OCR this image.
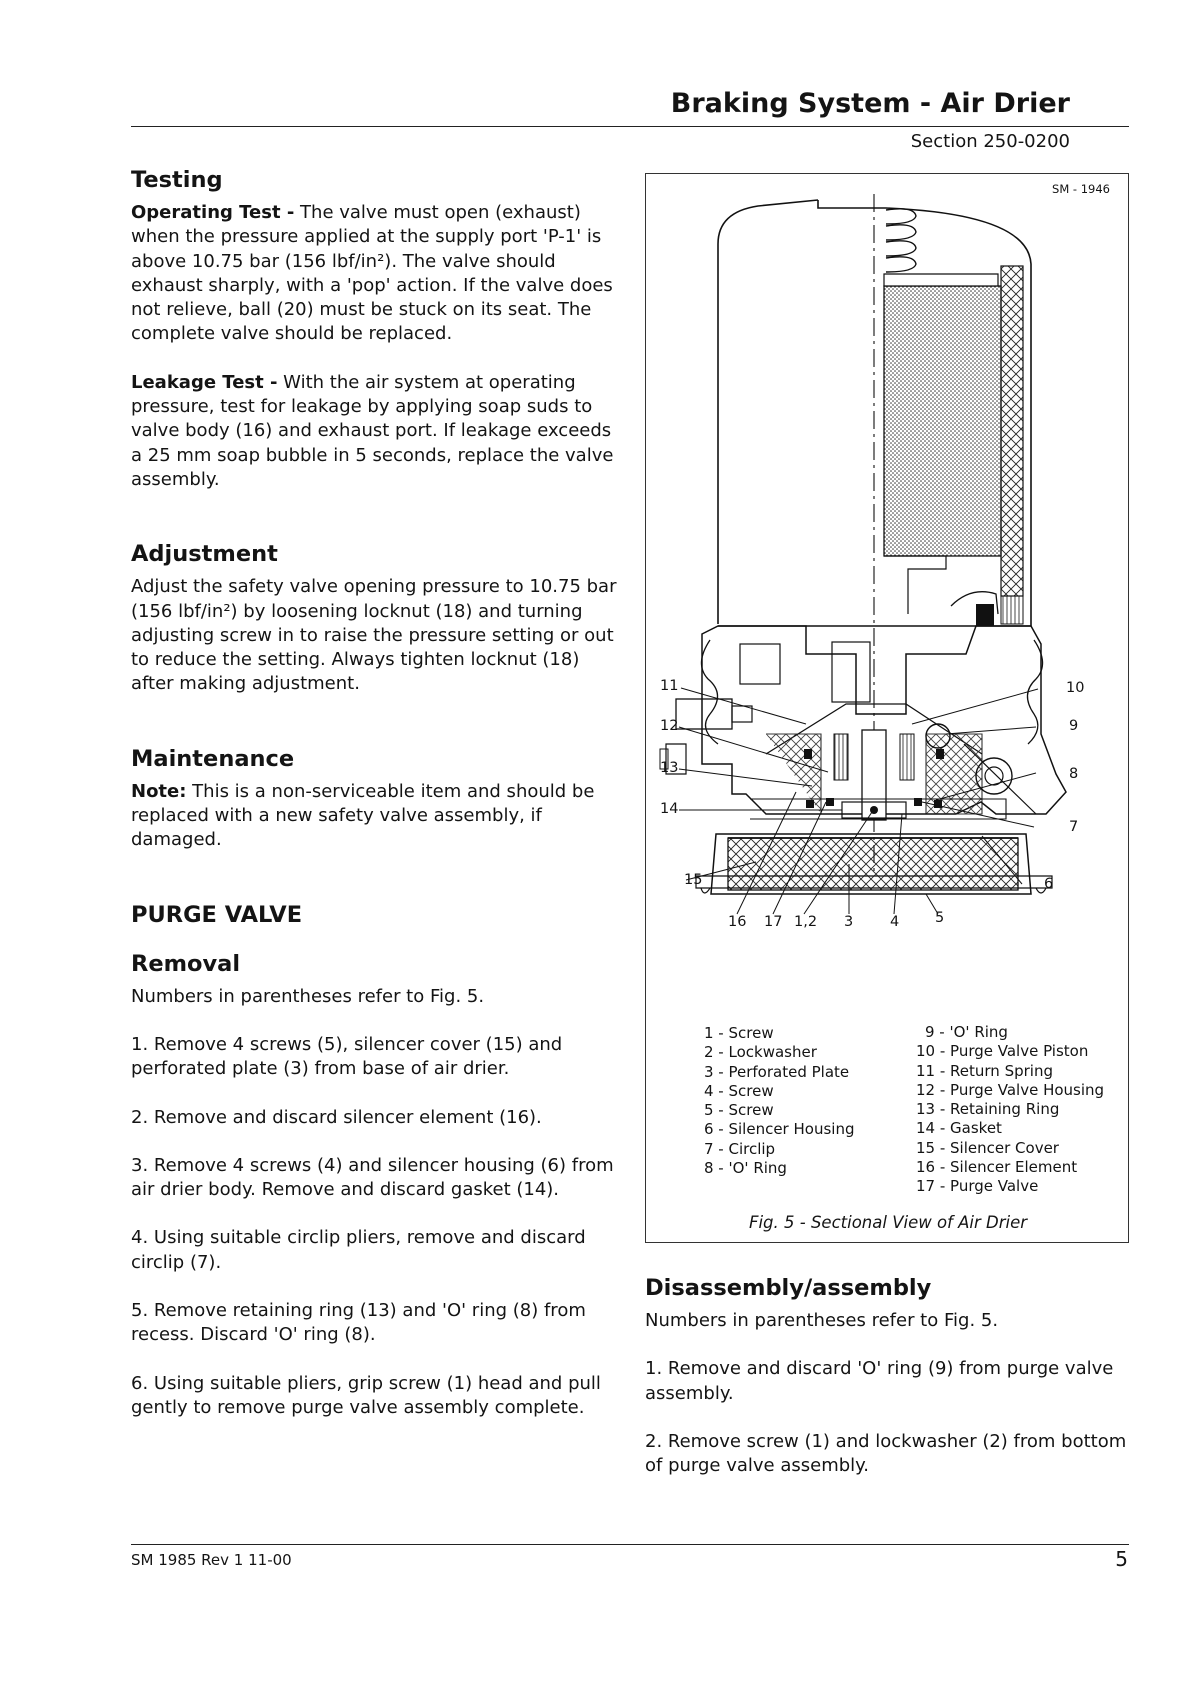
Braking System - Air Drier
Section 250-0200
Testing

Operating Test - The valve must open (exhaust) when the pressure applied at the supply port 'P-1' is above 10.75 bar (156 lbf/in²). The valve should exhaust sharply, with a 'pop' action. If the valve does not relieve, ball (20) must be stuck on its seat. The complete valve should be replaced.

Leakage Test - With the air system at operating pressure, test for leakage by applying soap suds to valve body (16) and exhaust port. If leakage exceeds a 25 mm soap bubble in 5 seconds, replace the valve assembly.

Adjustment

Adjust the safety valve opening pressure to 10.75 bar (156 lbf/in²) by loosening locknut (18) and turning adjusting screw in to raise the pressure setting or out to reduce the setting. Always tighten locknut (18) after making adjustment.

Maintenance

Note: This is a non-serviceable item and should be replaced with a new safety valve assembly, if damaged.

PURGE VALVE
Removal

Numbers in parentheses refer to Fig. 5.

1. Remove 4 screws (5), silencer cover (15) and perforated plate (3) from base of air drier.

2. Remove and discard silencer element (16).

3. Remove 4 screws (4) and silencer housing (6) from air drier body. Remove and discard gasket (14).

4. Using suitable circlip pliers, remove and discard circlip (7).

5. Remove retaining ring (13) and 'O' ring (8) from recess. Discard 'O' ring (8).

6. Using suitable pliers, grip screw (1) head and pull gently to remove purge valve assembly complete.

SM - 1946
11
12
13
14
15
16 17 1,2 3	4 5
6
7
8
9
10
1 - Screw
2 - Lockwasher
3 - Perforated Plate
4 - Screw
5 - Screw
6 - Silencer Housing
7 - Circlip
8 - 'O' Ring
9 - 'O' Ring
10 - Purge Valve Piston
11 - Return Spring
12 - Purge Valve Housing
13 - Retaining Ring
14 - Gasket
15 - Silencer Cover
16 - Silencer Element
17 - Purge Valve
Fig. 5 - Sectional View of Air Drier
Disassembly/assembly

Numbers in parentheses refer to Fig. 5.

1. Remove and discard 'O' ring (9) from purge valve assembly.

2. Remove screw (1) and lockwasher (2) from bottom of purge valve assembly.

SM 1985 Rev 1 11-00	5
